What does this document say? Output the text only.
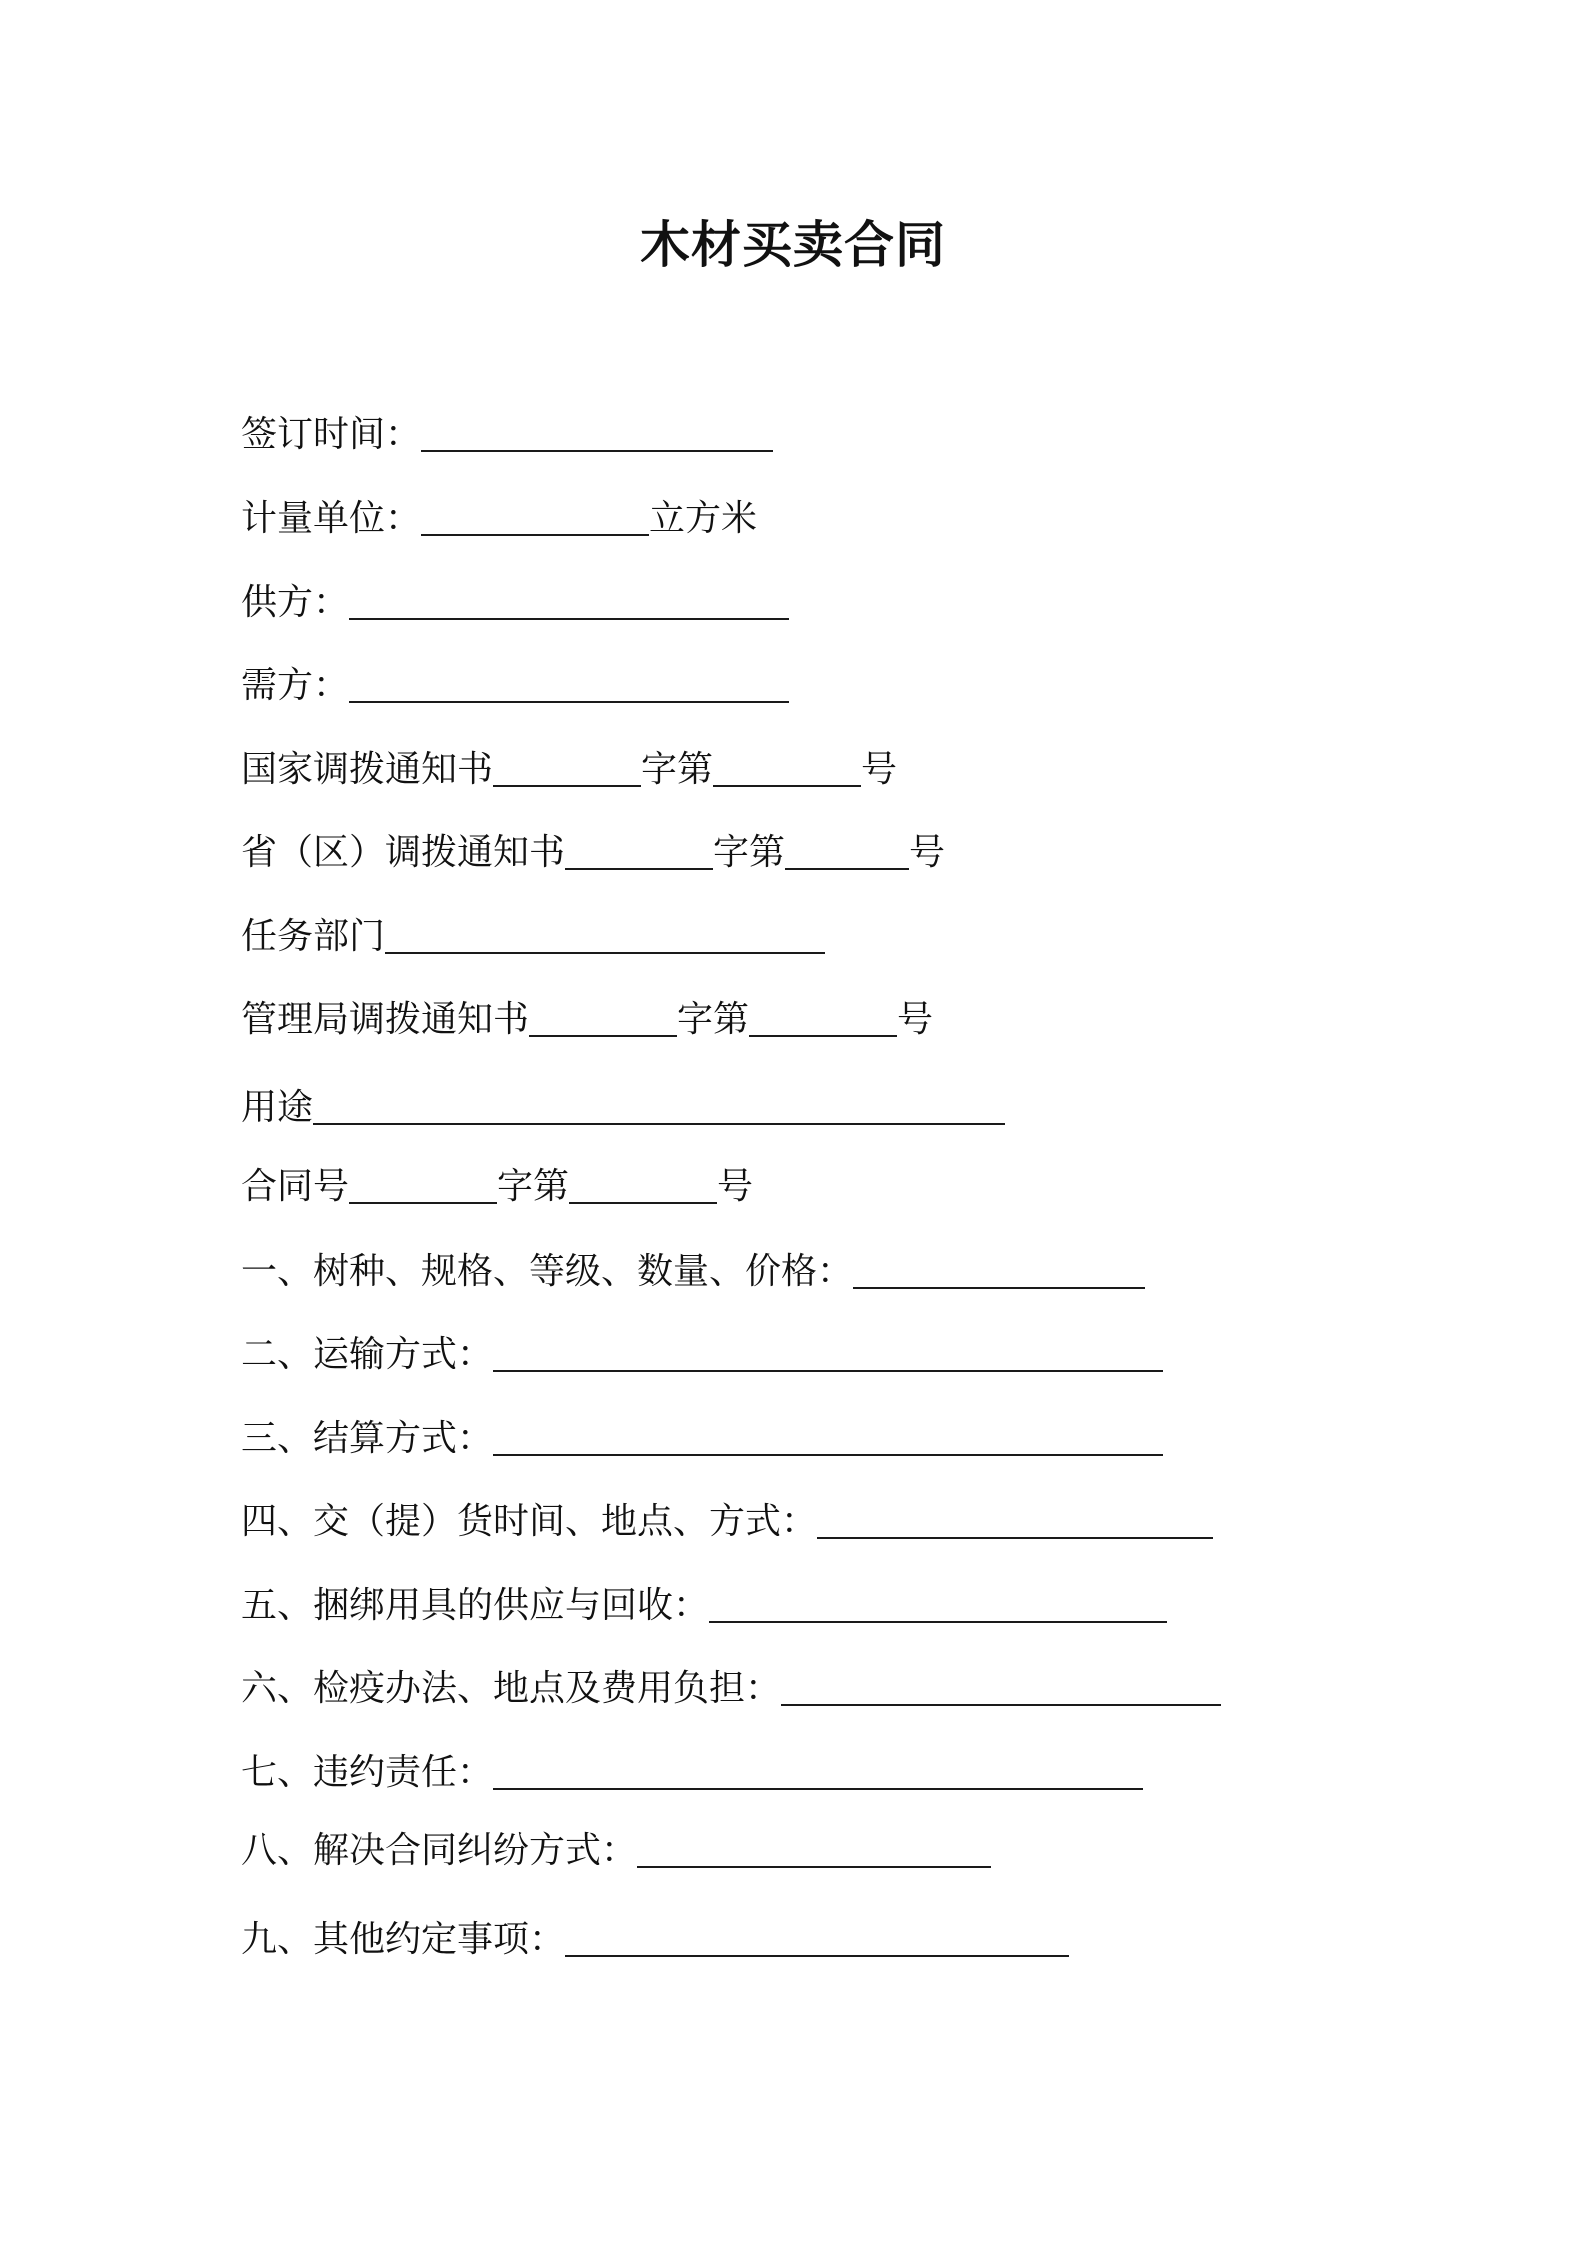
木材买卖合同
签订时间：
计量单位：	立方米
供方：
需方：
国家调拨通知书	字第	号
省（区）调拨通知书	字第	号
任务部门
管理局调拨通知书	字第	号
用途
合同号	字第	号
一、树种、规格、等级、数量、价格：
二、运输方式：
三、结算方式：
四、交（提）货时间、地点、方式：
五、捆绑用具的供应与回收：
六、检疫办法、地点及费用负担：
七、违约责任：
八、解决合同纠纷方式：
九、其他约定事项：
